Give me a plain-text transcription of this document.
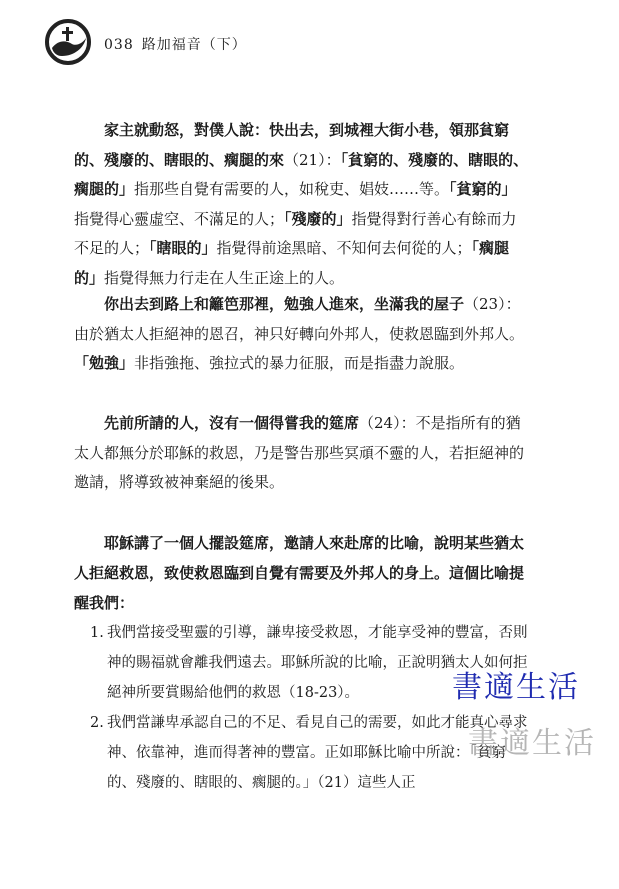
038 路加福音（下）
家主就動怒，對僕人說：快出去，到城裡大街小巷，領那貧窮的、殘廢的、瞎眼的、瘸腿的來（21）：「貧窮的、殘廢的、瞎眼的、瘸腿的」指那些自覺有需要的人，如稅吏、娼妓……等。「貧窮的」指覺得心靈虛空、不滿足的人；「殘廢的」指覺得對行善心有餘而力不足的人；「瞎眼的」指覺得前途黑暗、不知何去何從的人；「瘸腿的」指覺得無力行走在人生正途上的人。
你出去到路上和籬笆那裡，勉強人進來，坐滿我的屋子（23）：由於猶太人拒絕神的恩召，神只好轉向外邦人，使救恩臨到外邦人。「勉強」非指強拖、強拉式的暴力征服，而是指盡力說服。
先前所請的人，沒有一個得嘗我的筵席（24）：不是指所有的猶太人都無分於耶穌的救恩，乃是警告那些冥頑不靈的人，若拒絕神的邀請，將導致被神棄絕的後果。
耶穌講了一個人擺設筵席，邀請人來赴席的比喻，說明某些猶太人拒絕救恩，致使救恩臨到自覺有需要及外邦人的身上。這個比喻提醒我們：
1. 我們當接受聖靈的引導，謙卑接受救恩，才能享受神的豐富，否則神的賜福就會離我們遠去。耶穌所說的比喻，正說明猶太人如何拒絕神所要賞賜給他們的救恩（18-23）。
2. 我們當謙卑承認自己的不足、看見自己的需要，如此才能真心尋求神、依靠神，進而得著神的豐富。正如耶穌比喻中所說：「貧窮的、殘廢的、瞎眼的、瘸腿的。」（21）這些人正
書適生活
書適生活
